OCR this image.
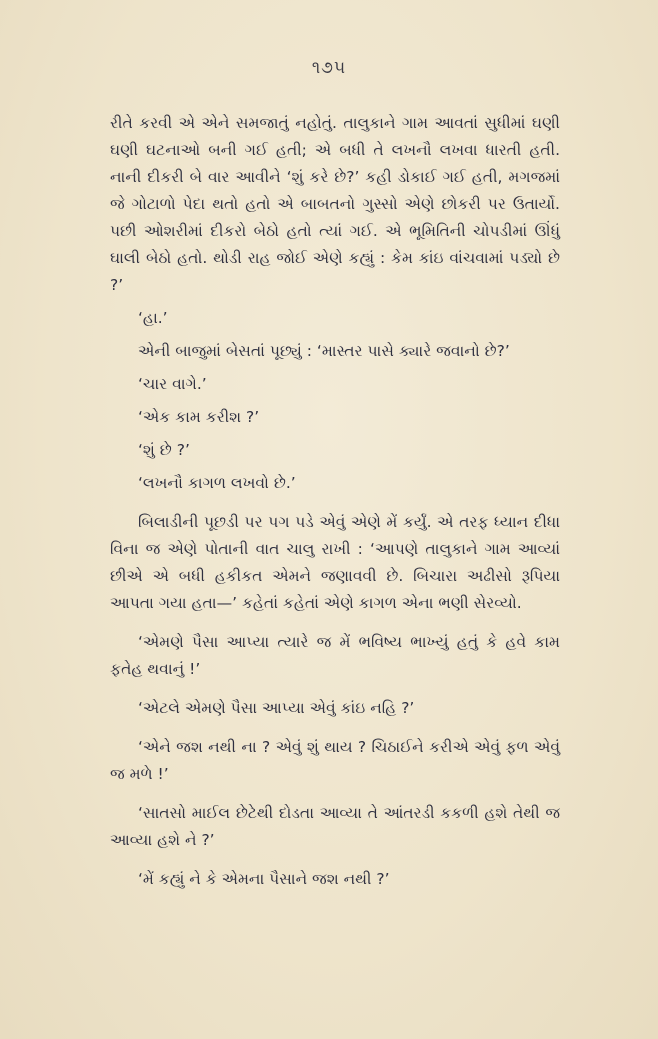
૧૭૫

રીતે કરવી એ એને સમજાતું નહોતું. તાલુકાને ગામ આવતાં સુધીમાં ઘણી ઘણી ઘટનાઓ બની ગઈ હતી; એ બધી તે લખનૌ લખવા ધારતી હતી. નાની દીકરી બે વાર આવીને ‘શું કરે છે?’ કહી ડોકાઈ ગઈ હતી, મગજમાં જે ગોટાળો પેદા થતો હતો એ બાબતનો ગુસ્સો એણે છોકરી પર ઉતાર્યો. પછી ઓશરીમાં દીકરો બેઠો હતો ત્યાં ગઈ. એ ભૂમિતિની ચોપડીમાં ઊંધું ઘાલી બેઠો હતો. થોડી રાહ જોઈ એણે કહ્યું : કેમ કાંઇ વાંચવામાં પડ્યો છે ?’

‘હા.’

એની બાજુમાં બેસતાં પૂછ્યું : ‘માસ્તર પાસે ક્યારે જવાનો છે?’

‘ચાર વાગે.’

‘એક કામ કરીશ ?’

‘શું છે ?’

‘લખનૌ કાગળ લખવો છે.’

બિલાડીની પૂછડી પર પગ પડે એવું એણે મેં કર્યું. એ તરફ ધ્યાન દીધા વિના જ એણે પોતાની વાત ચાલુ રાખી : ‘આપણે તાલુકાને ગામ આવ્યાં છીએ એ બધી હકીકત એમને જણાવવી છે. બિચારા અઢીસો રૂપિયા આપતા ગયા હતા—’ કહેતાં કહેતાં એણે કાગળ એના ભણી સેરવ્યો.

‘એમણે પૈસા આપ્યા ત્યારે જ મેં ભવિષ્ય ભાખ્યું હતું કે હવે કામ ફતેહ થવાનું !’

‘એટલે એમણે પૈસા આપ્યા એવું કાંઇ નહિ ?’

‘એને જશ નથી ના ? એવું શું થાય ? ચિઠાઈને કરીએ એવું ફળ એવું જ મળે !’

‘સાતસો માઈલ છેટેથી દોડતા આવ્યા તે આંતરડી કકળી હશે તેથી જ આવ્યા હશે ને ?’

‘મેં કહ્યું ને કે એમના પૈસાને જશ નથી ?’
